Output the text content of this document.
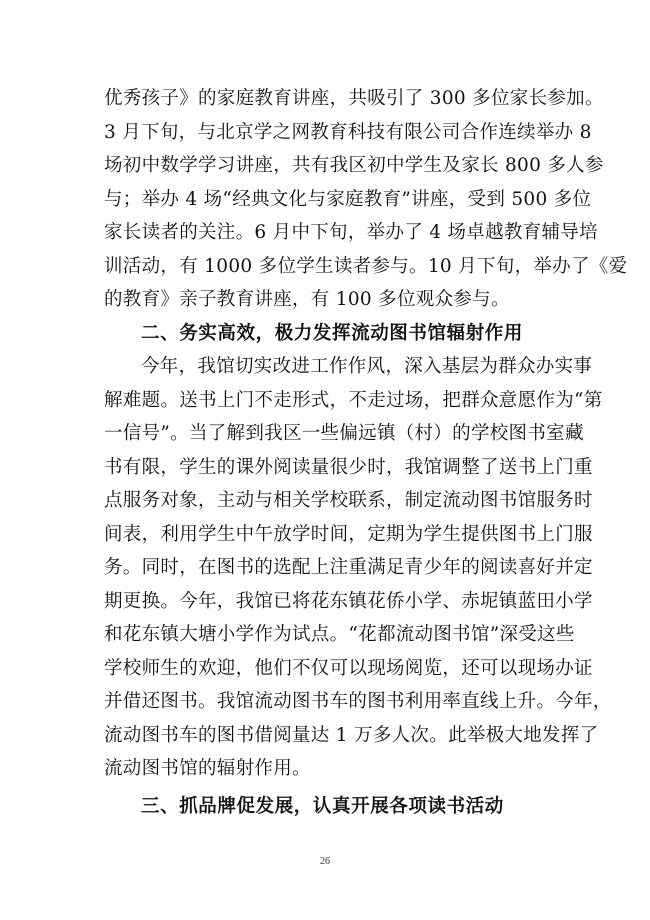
优秀孩子》的家庭教育讲座，共吸引了 300 多位家长参加。
3 月下旬，与北京学之网教育科技有限公司合作连续举办 8
场初中数学学习讲座，共有我区初中学生及家长 800 多人参
与；举办 4 场“经典文化与家庭教育”讲座，受到 500 多位
家长读者的关注。6 月中下旬，举办了 4 场卓越教育辅导培
训活动，有 1000 多位学生读者参与。10 月下旬，举办了《爱
的教育》亲子教育讲座，有 100 多位观众参与。
二、务实高效，极力发挥流动图书馆辐射作用
今年，我馆切实改进工作作风，深入基层为群众办实事
解难题。送书上门不走形式，不走过场，把群众意愿作为“第
一信号”。当了解到我区一些偏远镇（村）的学校图书室藏
书有限，学生的课外阅读量很少时，我馆调整了送书上门重
点服务对象，主动与相关学校联系，制定流动图书馆服务时
间表，利用学生中午放学时间，定期为学生提供图书上门服
务。同时，在图书的选配上注重满足青少年的阅读喜好并定
期更换。今年，我馆已将花东镇花侨小学、赤坭镇蓝田小学
和花东镇大塘小学作为试点。“花都流动图书馆”深受这些
学校师生的欢迎，他们不仅可以现场阅览，还可以现场办证
并借还图书。我馆流动图书车的图书利用率直线上升。今年，
流动图书车的图书借阅量达 1 万多人次。此举极大地发挥了
流动图书馆的辐射作用。
26
三、抓品牌促发展，认真开展各项读书活动
